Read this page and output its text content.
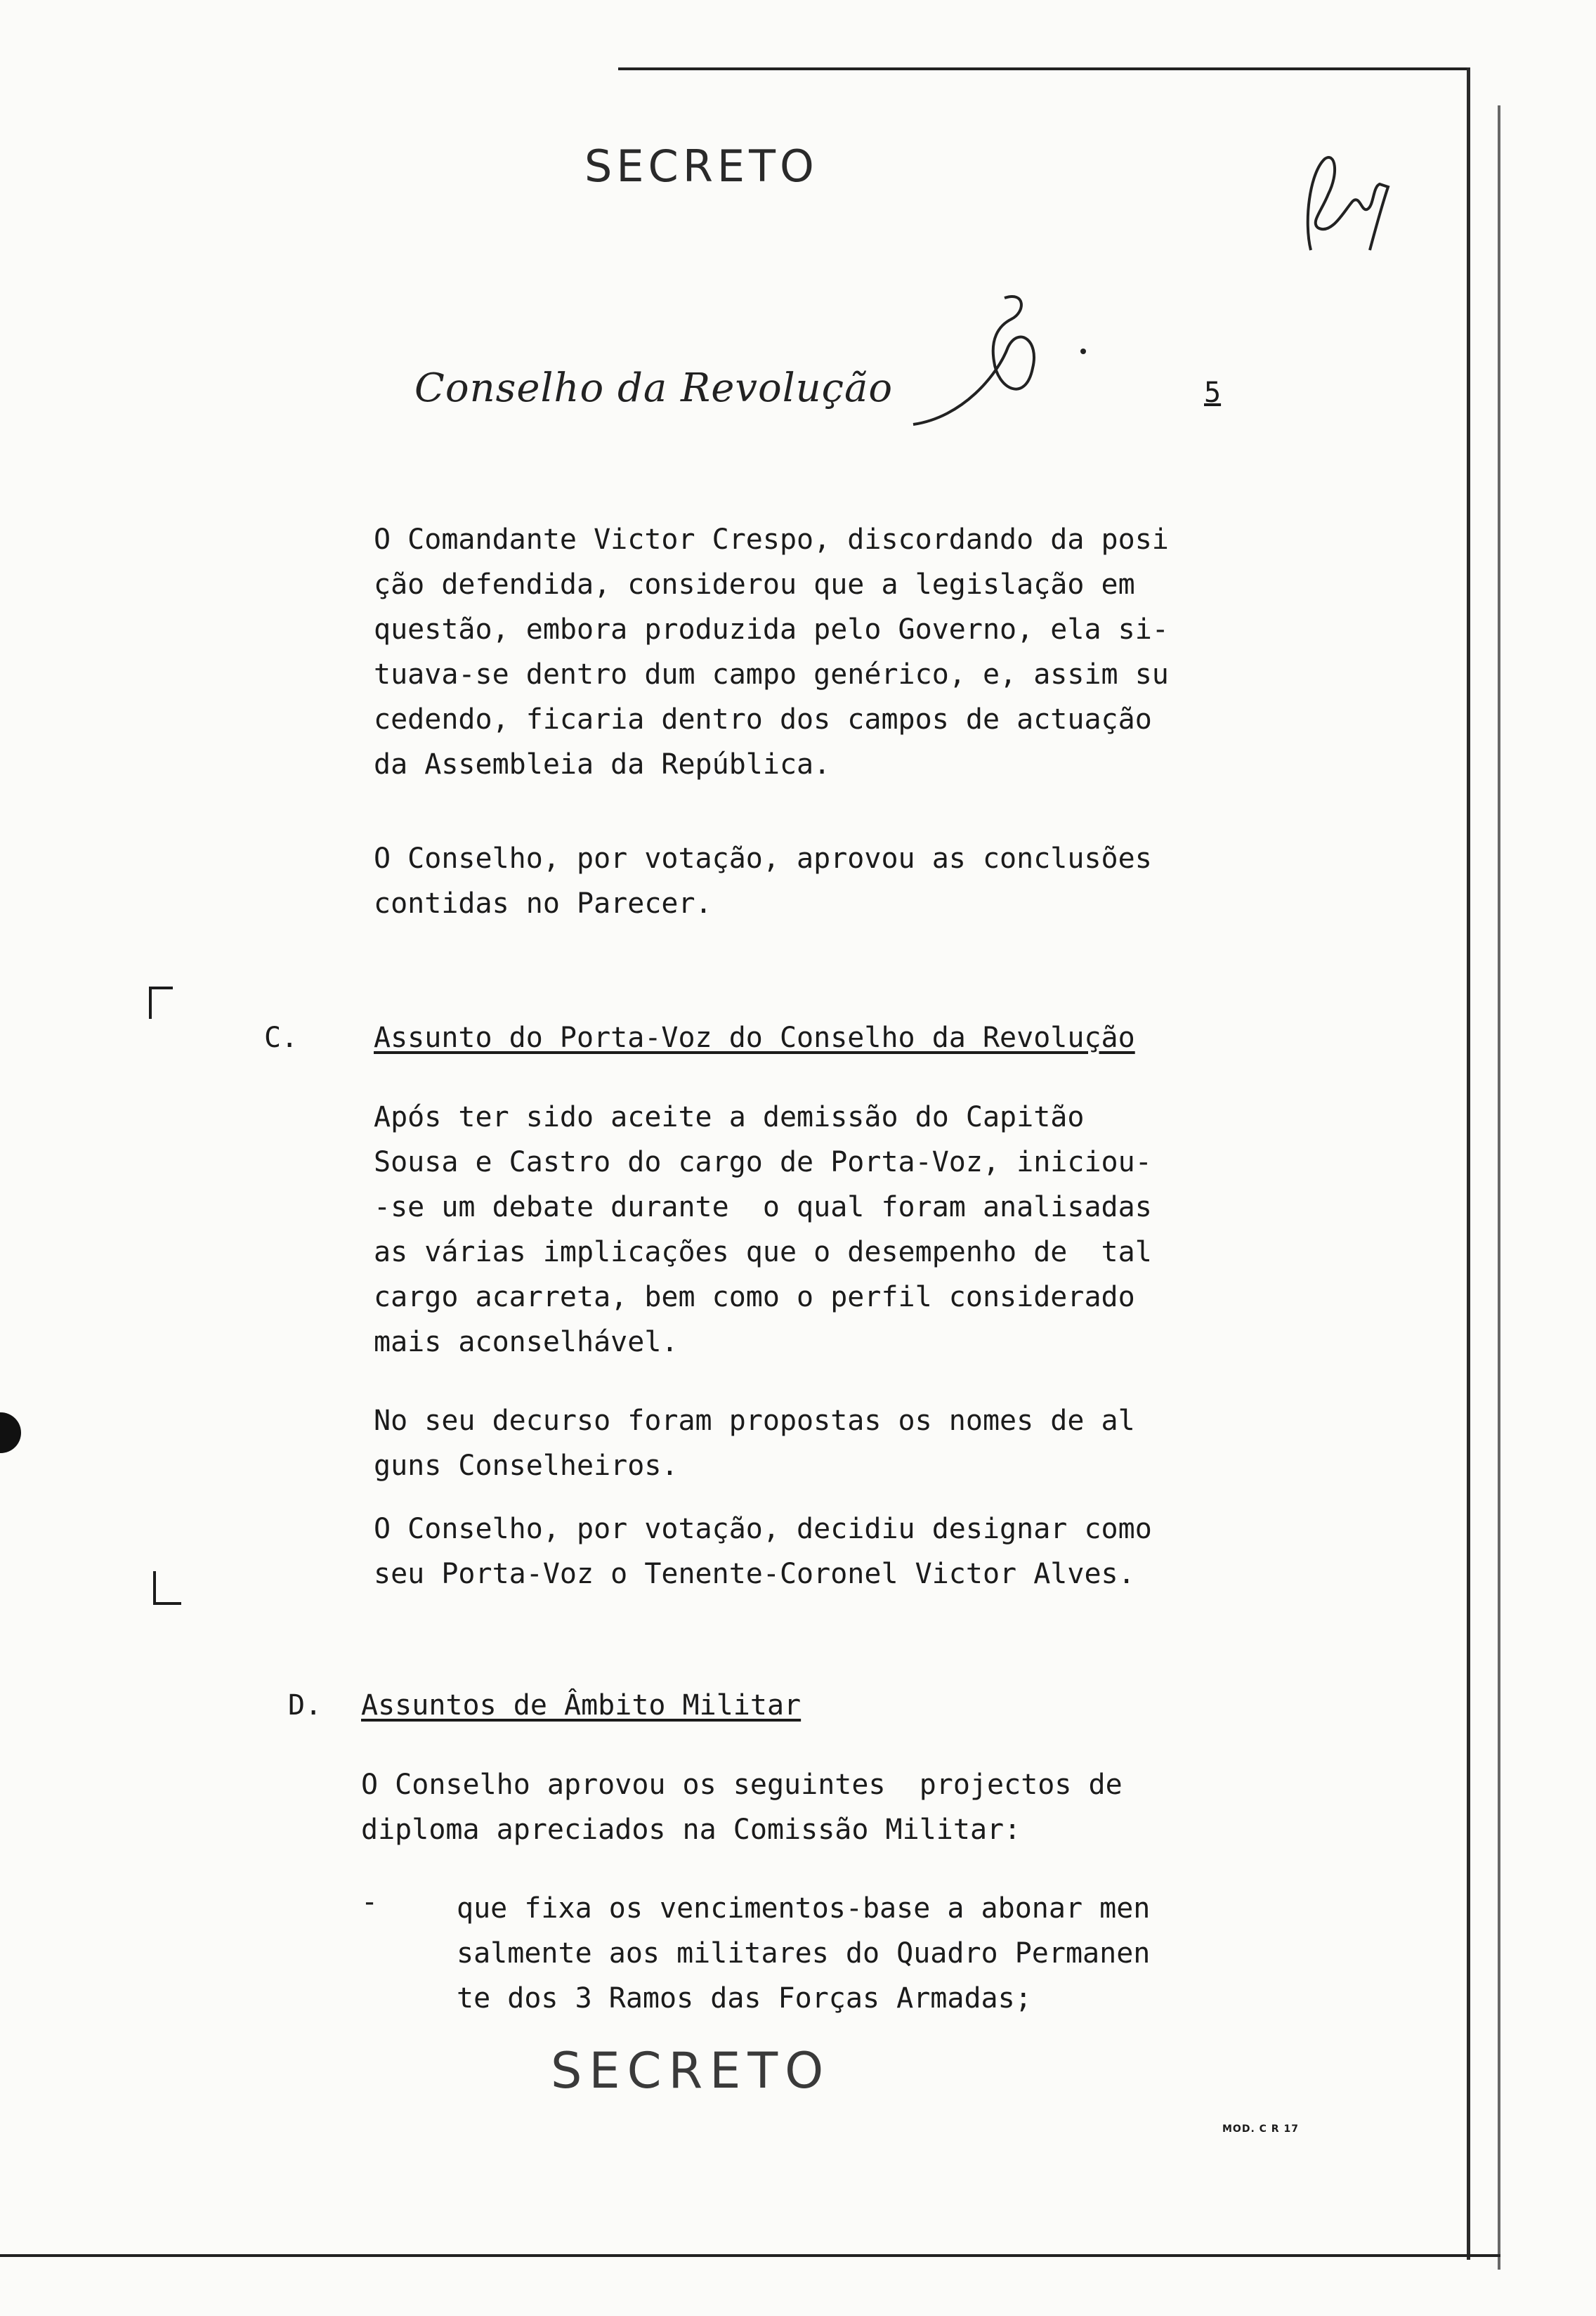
SECRETO
Conselho da Revolução	5
O Comandante Victor Crespo, discordando da posi
ção defendida, considerou que a legislação em
questão, embora produzida pelo Governo, ela si-
tuava-se dentro dum campo genérico, e, assim su
cedendo, ficaria dentro dos campos de actuação
da Assembleia da República.
O Conselho, por votação, aprovou as conclusões
contidas no Parecer.
C.	Assunto do Porta-Voz do Conselho da Revolução
Após ter sido aceite a demissão do Capitão
Sousa e Castro do cargo de Porta-Voz, iniciou-
-se um debate durante  o qual foram analisadas
as várias implicações que o desempenho de  tal
cargo acarreta, bem como o perfil considerado
mais aconselhável.
No seu decurso foram propostas os nomes de al
guns Conselheiros.
O Conselho, por votação, decidiu designar como
seu Porta-Voz o Tenente-Coronel Victor Alves.
D. Assuntos de Âmbito Militar
O Conselho aprovou os seguintes  projectos de
diploma apreciados na Comissão Militar:
-	que fixa os vencimentos-base a abonar men
salmente aos militares do Quadro Permanen
te dos 3 Ramos das Forças Armadas;
SECRETO
MOD. C R 17
